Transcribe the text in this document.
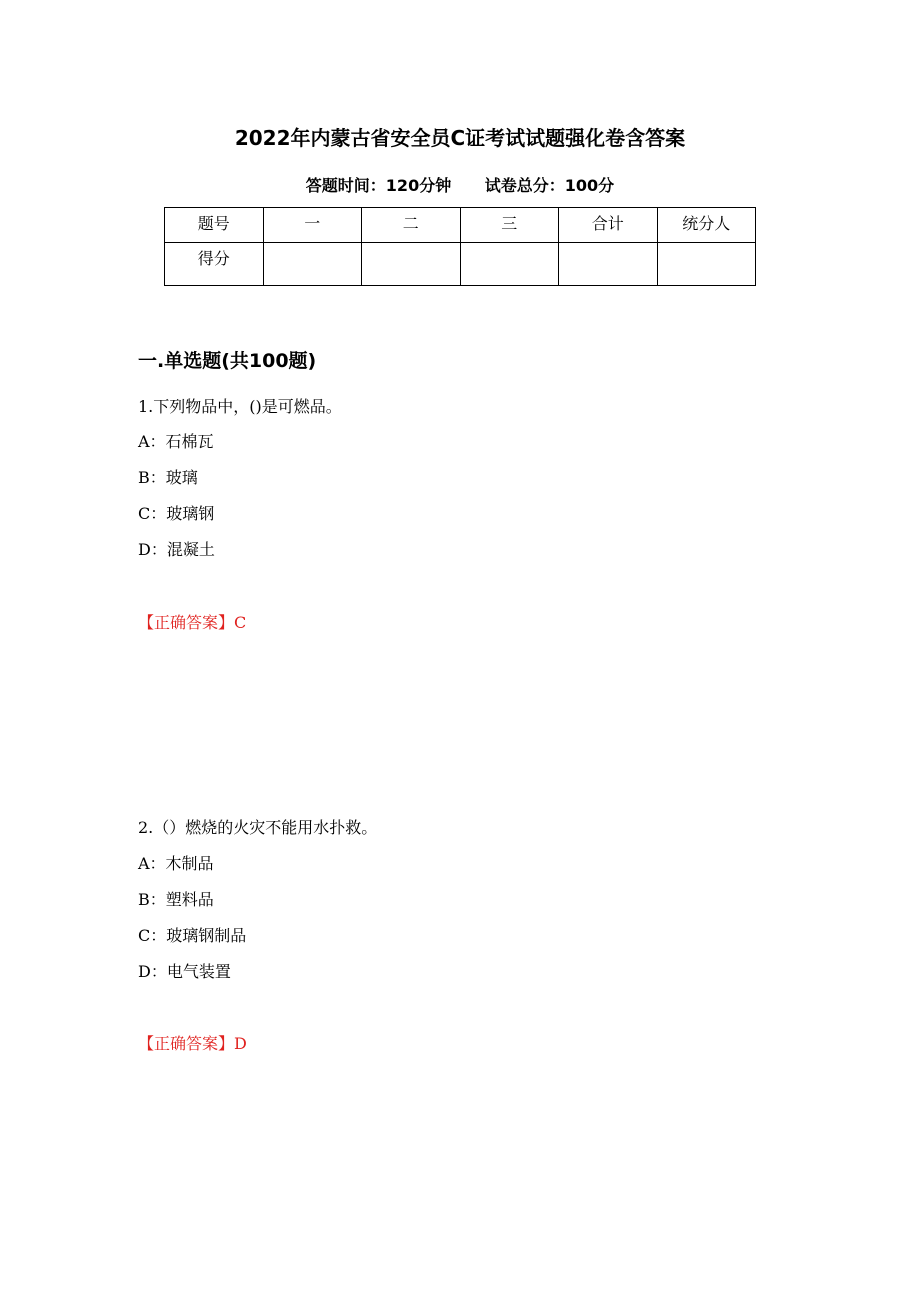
2022年内蒙古省安全员C证考试试题强化卷含答案
答题时间：120分钟 试卷总分：100分
题号	一	二	三	合计	统分人
得分					
一.单选题(共100题)
1.下列物品中，()是可燃品。
A：石棉瓦
B：玻璃
C：玻璃钢
D：混凝土
【正确答案】C
2.（）燃烧的火灾不能用水扑救。
A：木制品
B：塑料品
C：玻璃钢制品
D：电气装置
【正确答案】D
